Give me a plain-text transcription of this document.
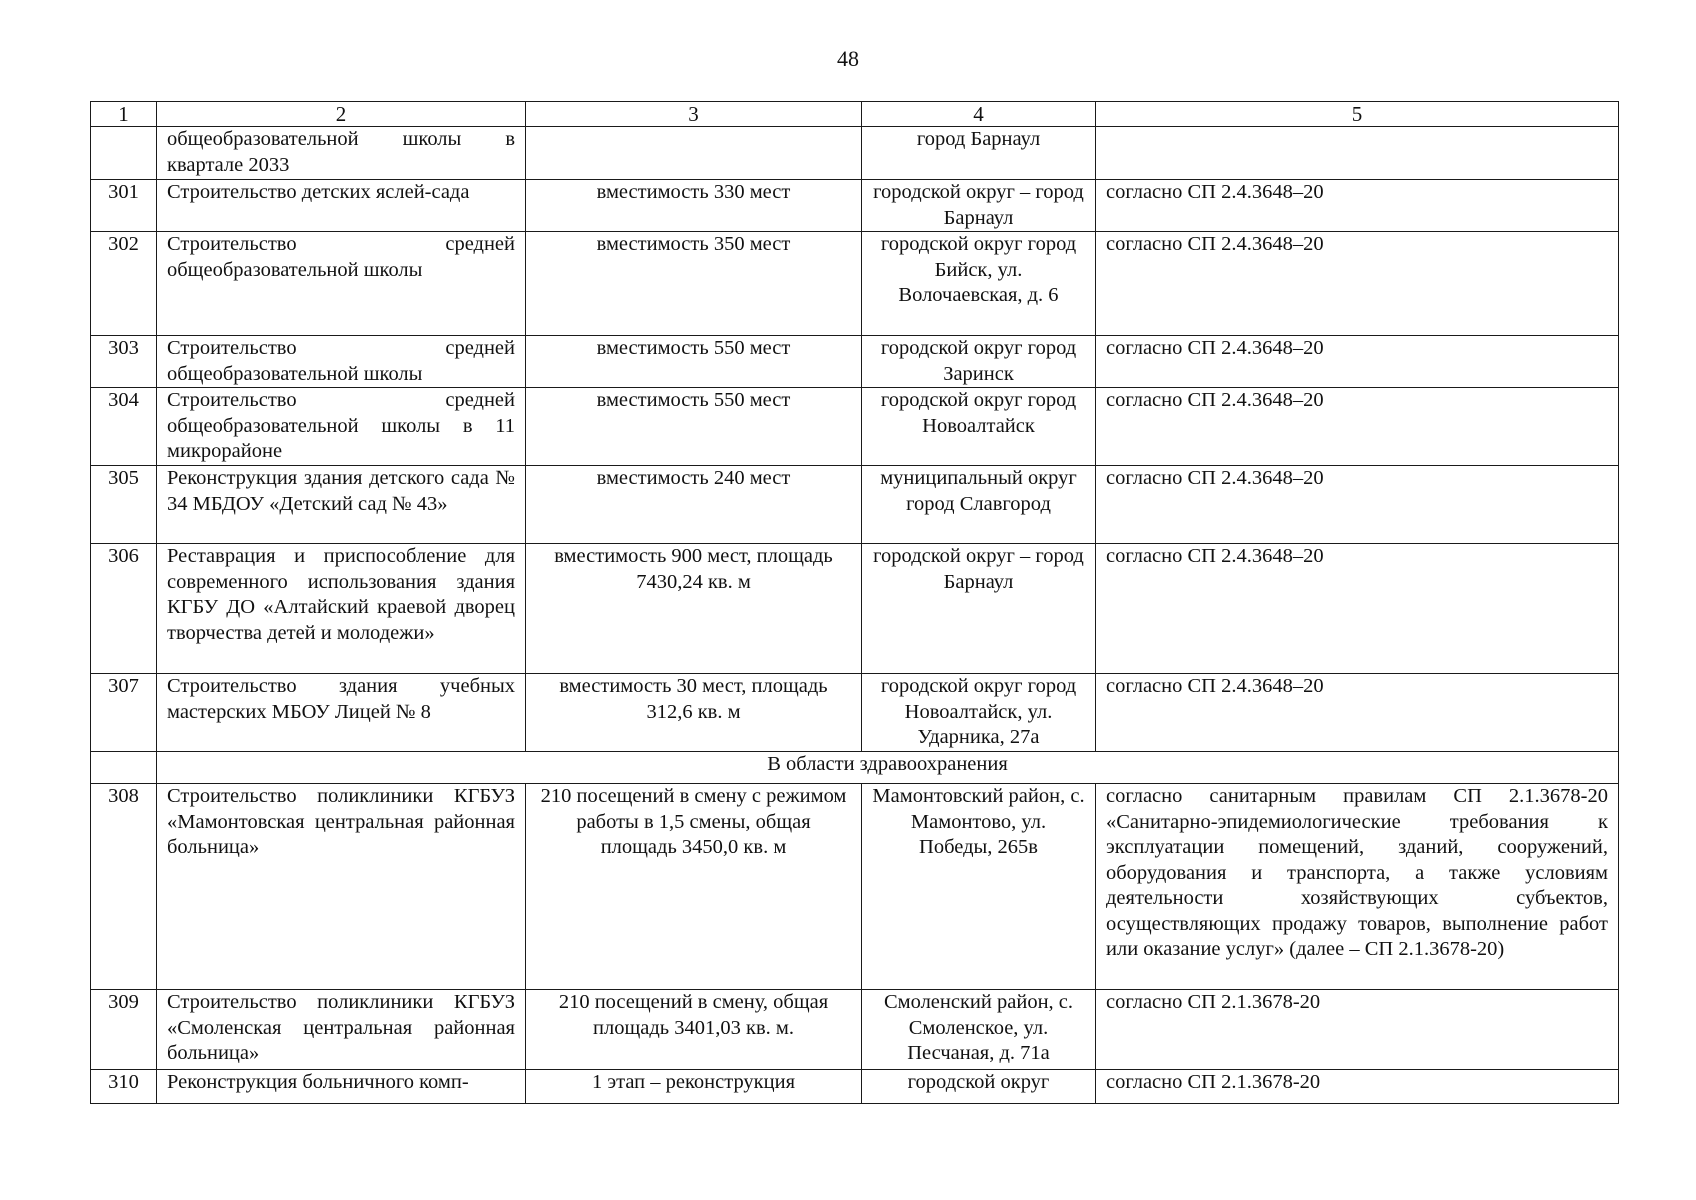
48
1	2	3	4	5
	общеобразовательной школы в квартале 2033		город Барнаул	
301	Строительство детских яслей-сада	вместимость 330 мест	городской округ – город Барнаул	согласно СП 2.4.3648–20
302	Строительство средней общеобразовательной школы	вместимость 350 мест	городской округ город Бийск, ул. Волочаевская, д. 6	согласно СП 2.4.3648–20
303	Строительство средней общеобразовательной школы	вместимость 550 мест	городской округ город Заринск	согласно СП 2.4.3648–20
304	Строительство средней общеобразовательной школы в 11 микрорайоне	вместимость 550 мест	городской округ город Новоалтайск	согласно СП 2.4.3648–20
305	Реконструкция здания детского сада № 34 МБДОУ «Детский сад № 43»	вместимость 240 мест	муниципальный округ город Славгород	согласно СП 2.4.3648–20
306	Реставрация и приспособление для современного использования здания КГБУ ДО «Алтайский краевой дворец творчества детей и молодежи»	вместимость 900 мест, площадь 7430,24 кв. м	городской округ – город Барнаул	согласно СП 2.4.3648–20
307	Строительство здания учебных мастерских МБОУ Лицей № 8	вместимость 30 мест, площадь 312,6 кв. м	городской округ город Новоалтайск, ул. Ударника, 27а	согласно СП 2.4.3648–20
	В области здравоохранения			
308	Строительство поликлиники КГБУЗ «Мамонтовская центральная районная больница»	210 посещений в смену с режимом работы в 1,5 смены, общая площадь 3450,0 кв. м	Мамонтовский район, с. Мамонтово, ул. Победы, 265в	согласно санитарным правилам СП 2.1.3678-20 «Санитарно-эпидемиологические требования к эксплуатации помещений, зданий, сооружений, оборудования и транспорта, а также условиям деятельности хозяйствующих субъектов, осуществляющих продажу товаров, выполнение работ или оказание услуг» (далее – СП 2.1.3678-20)
309	Строительство поликлиники КГБУЗ «Смоленская центральная районная больница»	210 посещений в смену, общая площадь 3401,03 кв. м.	Смоленский район, с. Смоленское, ул. Песчаная, д. 71а	согласно СП 2.1.3678-20
310	Реконструкция больничного комп-	1 этап – реконструкция	городской округ	согласно СП 2.1.3678-20
